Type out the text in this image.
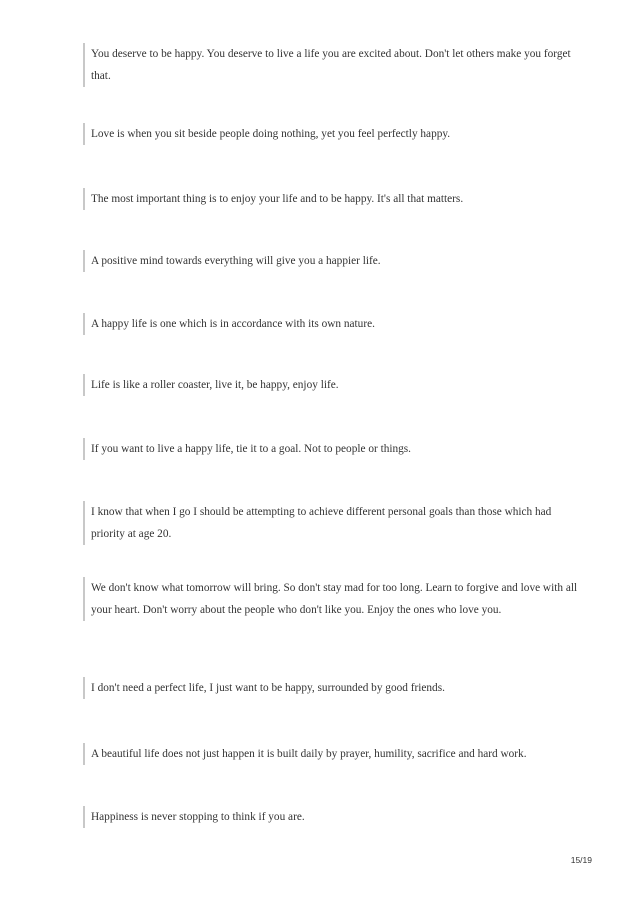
You deserve to be happy. You deserve to live a life you are excited about. Don't let others make you forget that.
Love is when you sit beside people doing nothing, yet you feel perfectly happy.
The most important thing is to enjoy your life and to be happy. It's all that matters.
A positive mind towards everything will give you a happier life.
A happy life is one which is in accordance with its own nature.
Life is like a roller coaster, live it, be happy, enjoy life.
If you want to live a happy life, tie it to a goal. Not to people or things.
I know that when I go I should be attempting to achieve different personal goals than those which had priority at age 20.
We don't know what tomorrow will bring. So don't stay mad for too long. Learn to forgive and love with all your heart. Don't worry about the people who don't like you. Enjoy the ones who love you.
I don't need a perfect life, I just want to be happy, surrounded by good friends.
A beautiful life does not just happen it is built daily by prayer, humility, sacrifice and hard work.
Happiness is never stopping to think if you are.
15/19
